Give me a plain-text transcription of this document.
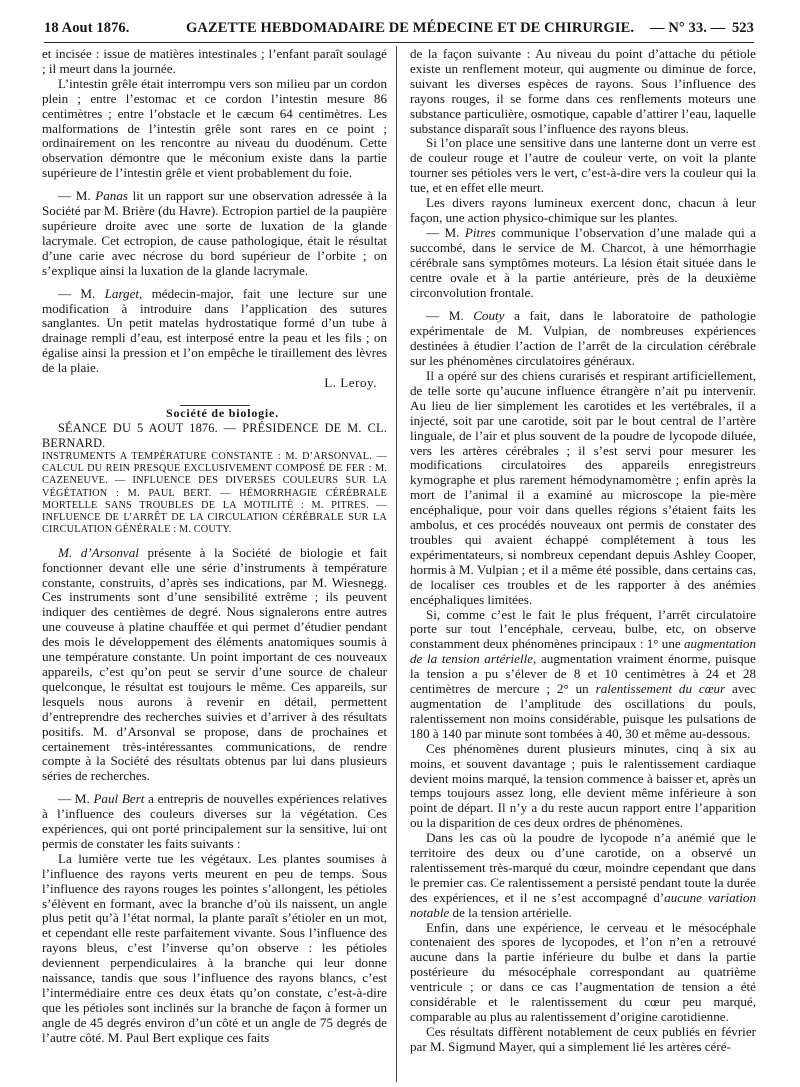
18 Aout 1876.	GAZETTE HEBDOMADAIRE DE MÉDECINE ET DE CHIRURGIE. — N° 33. — 523

et incisée : issue de matières intestinales ; l’enfant paraît soulagé ; il meurt dans la journée.

L’intestin grêle était interrompu vers son milieu par un cordon plein ; entre l’estomac et ce cordon l’intestin mesure 86 centimètres ; entre l’obstacle et le cæcum 64 centimètres. Les malformations de l’intestin grêle sont rares en ce point ; ordinairement on les rencontre au niveau du duodénum. Cette observation démontre que le méconium existe dans la partie supérieure de l’intestin grêle et vient probablement du foie.

— M. Panas lit un rapport sur une observation adressée à la Société par M. Brière (du Havre). Ectropion partiel de la paupière supérieure droite avec une sorte de luxation de la glande lacrymale. Cet ectropion, de cause pathologique, était le résultat d’une carie avec nécrose du bord supérieur de l’orbite ; on s’explique ainsi la luxation de la glande lacrymale.

— M. Larget, médecin-major, fait une lecture sur une modification à introduire dans l’application des sutures sanglantes. Un petit matelas hydrostatique formé d’un tube à drainage rempli d’eau, est interposé entre la peau et les fils ; on égalise ainsi la pression et l’on empêche le tiraillement des lèvres de la plaie.

L. Leroy.

Société de biologie.

SÉANCE DU 5 AOUT 1876. — PRÉSIDENCE DE M. CL. BERNARD.

INSTRUMENTS A TEMPÉRATURE CONSTANTE : M. D’ARSONVAL. — CALCUL DU REIN PRESQUE EXCLUSIVEMENT COMPOSÉ DE FER : M. CAZENEUVE. — INFLUENCE DES DIVERSES COULEURS SUR LA VÉGÉTATION : M. PAUL BERT. — HÉMORRHAGIE CÉRÉBRALE MORTELLE SANS TROUBLES DE LA MOTILITÉ : M. PITRES. — INFLUENCE DE L’ARRÊT DE LA CIRCULATION CÉRÉBRALE SUR LA CIRCULATION GÉNÉRALE : M. COUTY.

M. d’Arsonval présente à la Société de biologie et fait fonctionner devant elle une série d’instruments à température constante, construits, d’après ses indications, par M. Wiesnegg. Ces instruments sont d’une sensibilité extrême ; ils peuvent indiquer des centièmes de degré. Nous signalerons entre autres une couveuse à platine chauffée et qui permet d’étudier pendant des mois le développement des éléments anatomiques soumis à une température constante. Un point important de ces nouveaux appareils, c’est qu’on peut se servir d’une source de chaleur quelconque, le résultat est toujours le même. Ces appareils, sur lesquels nous aurons à revenir en détail, permettent d’entreprendre des recherches suivies et d’arriver à des résultats positifs. M. d’Arsonval se propose, dans de prochaines et certainement très-intéressantes communications, de rendre compte à la Société des résultats obtenus par lui dans plusieurs séries de recherches.

— M. Paul Bert a entrepris de nouvelles expériences relatives à l’influence des couleurs diverses sur la végétation. Ces expériences, qui ont porté principalement sur la sensitive, lui ont permis de constater les faits suivants :

La lumière verte tue les végétaux. Les plantes soumises à l’influence des rayons verts meurent en peu de temps. Sous l’influence des rayons rouges les pointes s’allongent, les pétioles s’élèvent en formant, avec la branche d’où ils naissent, un angle plus petit qu’à l’état normal, la plante paraît s’étioler en un mot, et cependant elle reste parfaitement vivante. Sous l’influence des rayons bleus, c’est l’inverse qu’on observe : les pétioles deviennent perpendiculaires à la branche qui leur donne naissance, tandis que sous l’influence des rayons blancs, c’est l’intermédiaire entre ces deux états qu’on constate, c’est-à-dire que les pétioles sont inclinés sur la branche de façon à former un angle de 45 degrés environ d’un côté et un angle de 75 degrés de l’autre côté. M. Paul Bert explique ces faits

de la façon suivante : Au niveau du point d’attache du pétiole existe un renflement moteur, qui augmente ou diminue de force, suivant les diverses espèces de rayons. Sous l’influence des rayons rouges, il se forme dans ces renflements moteurs une substance particulière, osmotique, capable d’attirer l’eau, laquelle substance disparaît sous l’influence des rayons bleus.

Si l’on place une sensitive dans une lanterne dont un verre est de couleur rouge et l’autre de couleur verte, on voit la plante tourner ses pétioles vers le vert, c’est-à-dire vers la couleur qui la tue, et en effet elle meurt.

Les divers rayons lumineux exercent donc, chacun à leur façon, une action physico-chimique sur les plantes.

— M. Pitres communique l’observation d’une malade qui a succombé, dans le service de M. Charcot, à une hémorrhagie cérébrale sans symptômes moteurs. La lésion était située dans le centre ovale et à la partie antérieure, près de la deuxième circonvolution frontale.

— M. Couty a fait, dans le laboratoire de pathologie expérimentale de M. Vulpian, de nombreuses expériences destinées à étudier l’action de l’arrêt de la circulation cérébrale sur les phénomènes circulatoires généraux.

Il a opéré sur des chiens curarisés et respirant artificiellement, de telle sorte qu’aucune influence étrangère n’ait pu intervenir. Au lieu de lier simplement les carotides et les vertébrales, il a injecté, soit par une carotide, soit par le bout central de l’artère linguale, de l’air et plus souvent de la poudre de lycopode diluée, vers les artères cérébrales ; il s’est servi pour mesurer les modifications circulatoires des appareils enregistreurs kymographe et plus rarement hémodynamomètre ; enfin après la mort de l’animal il a examiné au microscope la pie-mère encéphalique, pour voir dans quelles régions s’étaient faits les ambolus, et ces procédés nouveaux ont permis de constater des troubles qui avaient échappé complétement à tous les expérimentateurs, si nombreux cependant depuis Ashley Cooper, hormis à M. Vulpian ; et il a même été possible, dans certains cas, de localiser ces troubles et de les rapporter à des anémies encéphaliques limitées.

Si, comme c’est le fait le plus fréquent, l’arrêt circulatoire porte sur tout l’encéphale, cerveau, bulbe, etc, on observe constamment deux phénomènes principaux : 1° une augmentation de la tension artérielle, augmentation vraiment énorme, puisque la tension a pu s’élever de 8 et 10 centimètres à 24 et 28 centimètres de mercure ; 2° un ralentissement du cœur avec augmentation de l’amplitude des oscillations du pouls, ralentissement non moins considérable, puisque les pulsations de 180 à 140 par minute sont tombées à 40, 30 et même au-dessous.

Ces phénomènes durent plusieurs minutes, cinq à six au moins, et souvent davantage ; puis le ralentissement cardiaque devient moins marqué, la tension commence à baisser et, après un temps toujours assez long, elle devient même inférieure à son point de départ. Il n’y a du reste aucun rapport entre l’apparition ou la disparition de ces deux ordres de phénomènes.

Dans les cas où la poudre de lycopode n’a anémié que le territoire des deux ou d’une carotide, on a observé un ralentissement très-marqué du cœur, moindre cependant que dans le premier cas. Ce ralentissement a persisté pendant toute la durée des expériences, et il ne s’est accompagné d’aucune variation notable de la tension artérielle.

Enfin, dans une expérience, le cerveau et le mésocéphale contenaient des spores de lycopodes, et l’on n’en a retrouvé aucune dans la partie inférieure du bulbe et dans la partie postérieure du mésocéphale correspondant au quatrième ventricule ; or dans ce cas l’augmentation de tension a été considérable et le ralentissement du cœur peu marqué, comparable au plus au ralentissement d’origine carotidienne.

Ces résultats diffèrent notablement de ceux publiés en février par M. Sigmund Mayer, qui a simplement lié les artères céré-
